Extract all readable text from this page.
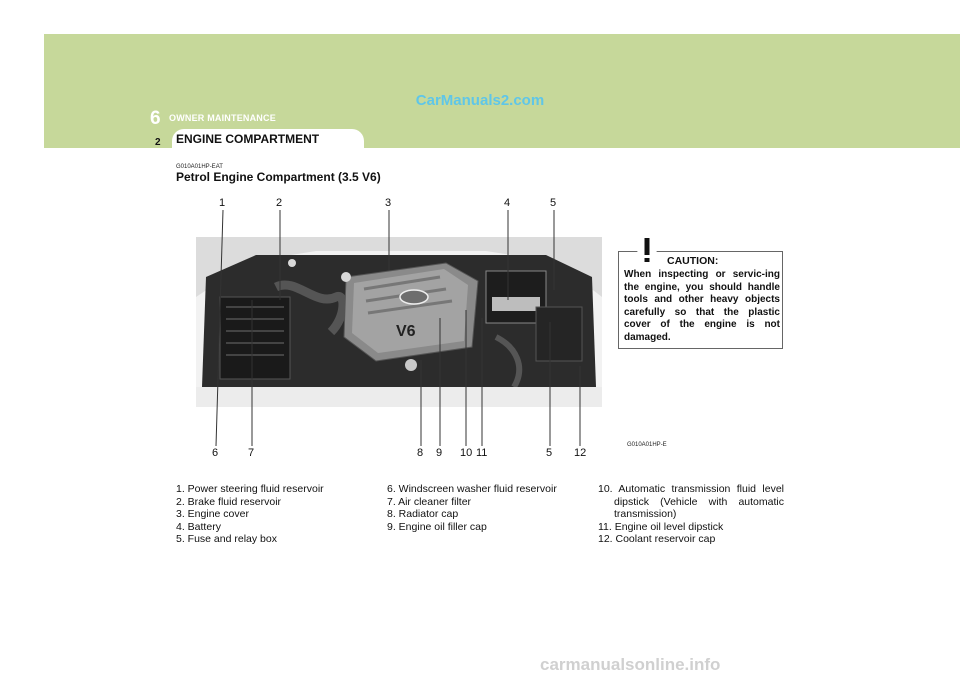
CarManuals2.com
6 OWNER MAINTENANCE
ENGINE COMPARTMENT
2
G010A01HP-EAT
Petrol Engine Compartment (3.5 V6)
V6
1	2	3	4	5
6	7	8 9 10 11	5 12
G010A01HP-E
CAUTION:
When inspecting or servic-ing the engine, you should handle tools and other heavy objects carefully so that the plastic cover of the engine is not damaged.
1. Power steering fluid reservoir
2. Brake fluid reservoir
3. Engine cover
4. Battery
5. Fuse and relay box
6. Windscreen washer fluid reservoir
7. Air cleaner filter
8. Radiator cap
9. Engine oil filler cap
10. Automatic transmission fluid level dipstick (Vehicle with automatic transmission)
11. Engine oil level dipstick
12. Coolant reservoir cap
carmanualsonline.info
